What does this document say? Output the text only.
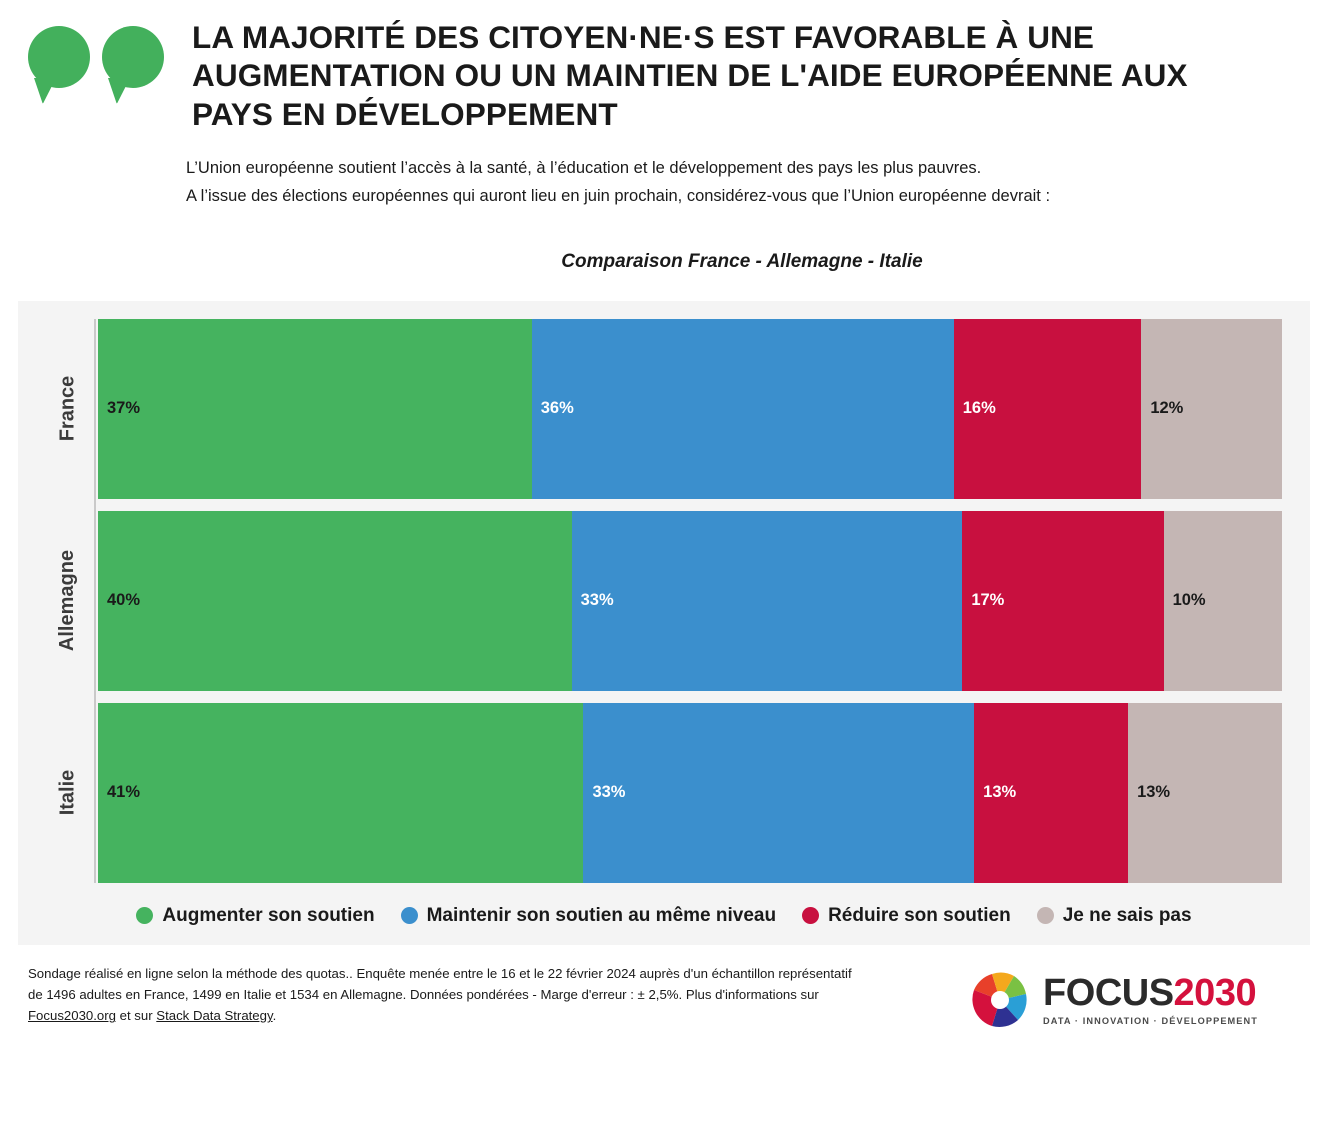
LA MAJORITÉ DES CITOYEN·NE·S EST FAVORABLE À UNE AUGMENTATION OU UN MAINTIEN DE L'AIDE EUROPÉENNE AUX PAYS EN DÉVELOPPEMENT
L’Union européenne soutient l’accès à la santé, à l’éducation et le développement des pays les plus pauvres.
A l’issue des élections européennes qui auront lieu en juin prochain, considérez-vous que l’Union européenne devrait :
Comparaison France - Allemagne - Italie
France	37%	36%	16%	12%
Allemagne	40%	33%	17%	10%
Italie	41%	33%	13%	13%
Augmenter son soutien	Maintenir son soutien au même niveau	Réduire son soutien	Je ne sais pas
Sondage réalisé en ligne selon la méthode des quotas.. Enquête menée entre le 16 et le 22 février 2024 auprès d'un échantillon représentatif de 1496 adultes en France, 1499 en Italie et 1534 en Allemagne. Données pondérées - Marge d'erreur : ± 2,5%. Plus d'informations sur Focus2030.org et sur Stack Data Strategy.
FOCUS2030
DATA · INNOVATION · DÉVELOPPEMENT
